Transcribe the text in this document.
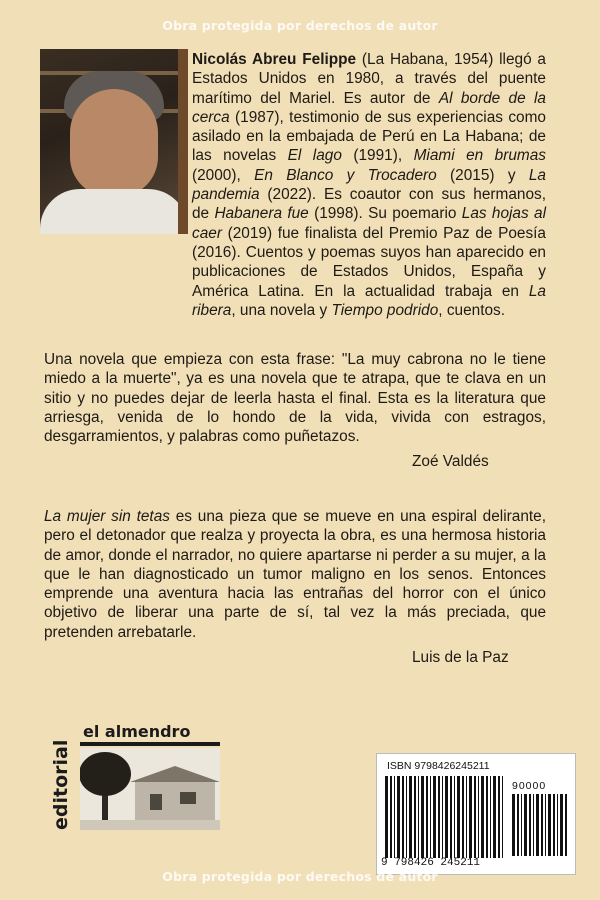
Obra protegida por derechos de autor
Nicolás Abreu Felippe (La Habana, 1954) llegó a Estados Unidos en 1980, a través del puente marítimo del Mariel. Es autor de Al borde de la cerca (1987), testimonio de sus experiencias como asilado en la embajada de Perú en La Habana; de las novelas El lago (1991), Miami en brumas (2000), En Blanco y Trocadero (2015) y La pandemia (2022). Es coautor con sus hermanos, de Habanera fue (1998). Su poemario Las hojas al caer (2019) fue finalista del Premio Paz de Poesía (2016). Cuentos y poemas suyos han aparecido en publicaciones de Estados Unidos, España y América Latina. En la actualidad trabaja en La ribera, una novela y Tiempo podrido, cuentos.
Una novela que empieza con esta frase: "La muy cabrona no le tiene miedo a la muerte", ya es una novela que te atrapa, que te clava en un sitio y no puedes dejar de leerla hasta el final. Esta es la literatura que arriesga, venida de lo hondo de la vida, vivida con estragos, desgarramientos, y palabras como puñetazos.
Zoé Valdés
La mujer sin tetas es una pieza que se mueve en una espiral delirante, pero el detonador que realza y proyecta la obra, es una hermosa historia de amor, donde el narrador, no quiere apartarse ni perder a su mujer, a la que le han diagnosticado un tumor maligno en los senos. Entonces emprende una aventura hacia las entrañas del horror con el único objetivo de liberar una parte de sí, tal vez la más preciada, que pretenden arrebatarle.
Luis de la Paz
editorial
el almendro
ISBN 9798426245211
90000
9 798426 245211
Obra protegida por derechos de autor
